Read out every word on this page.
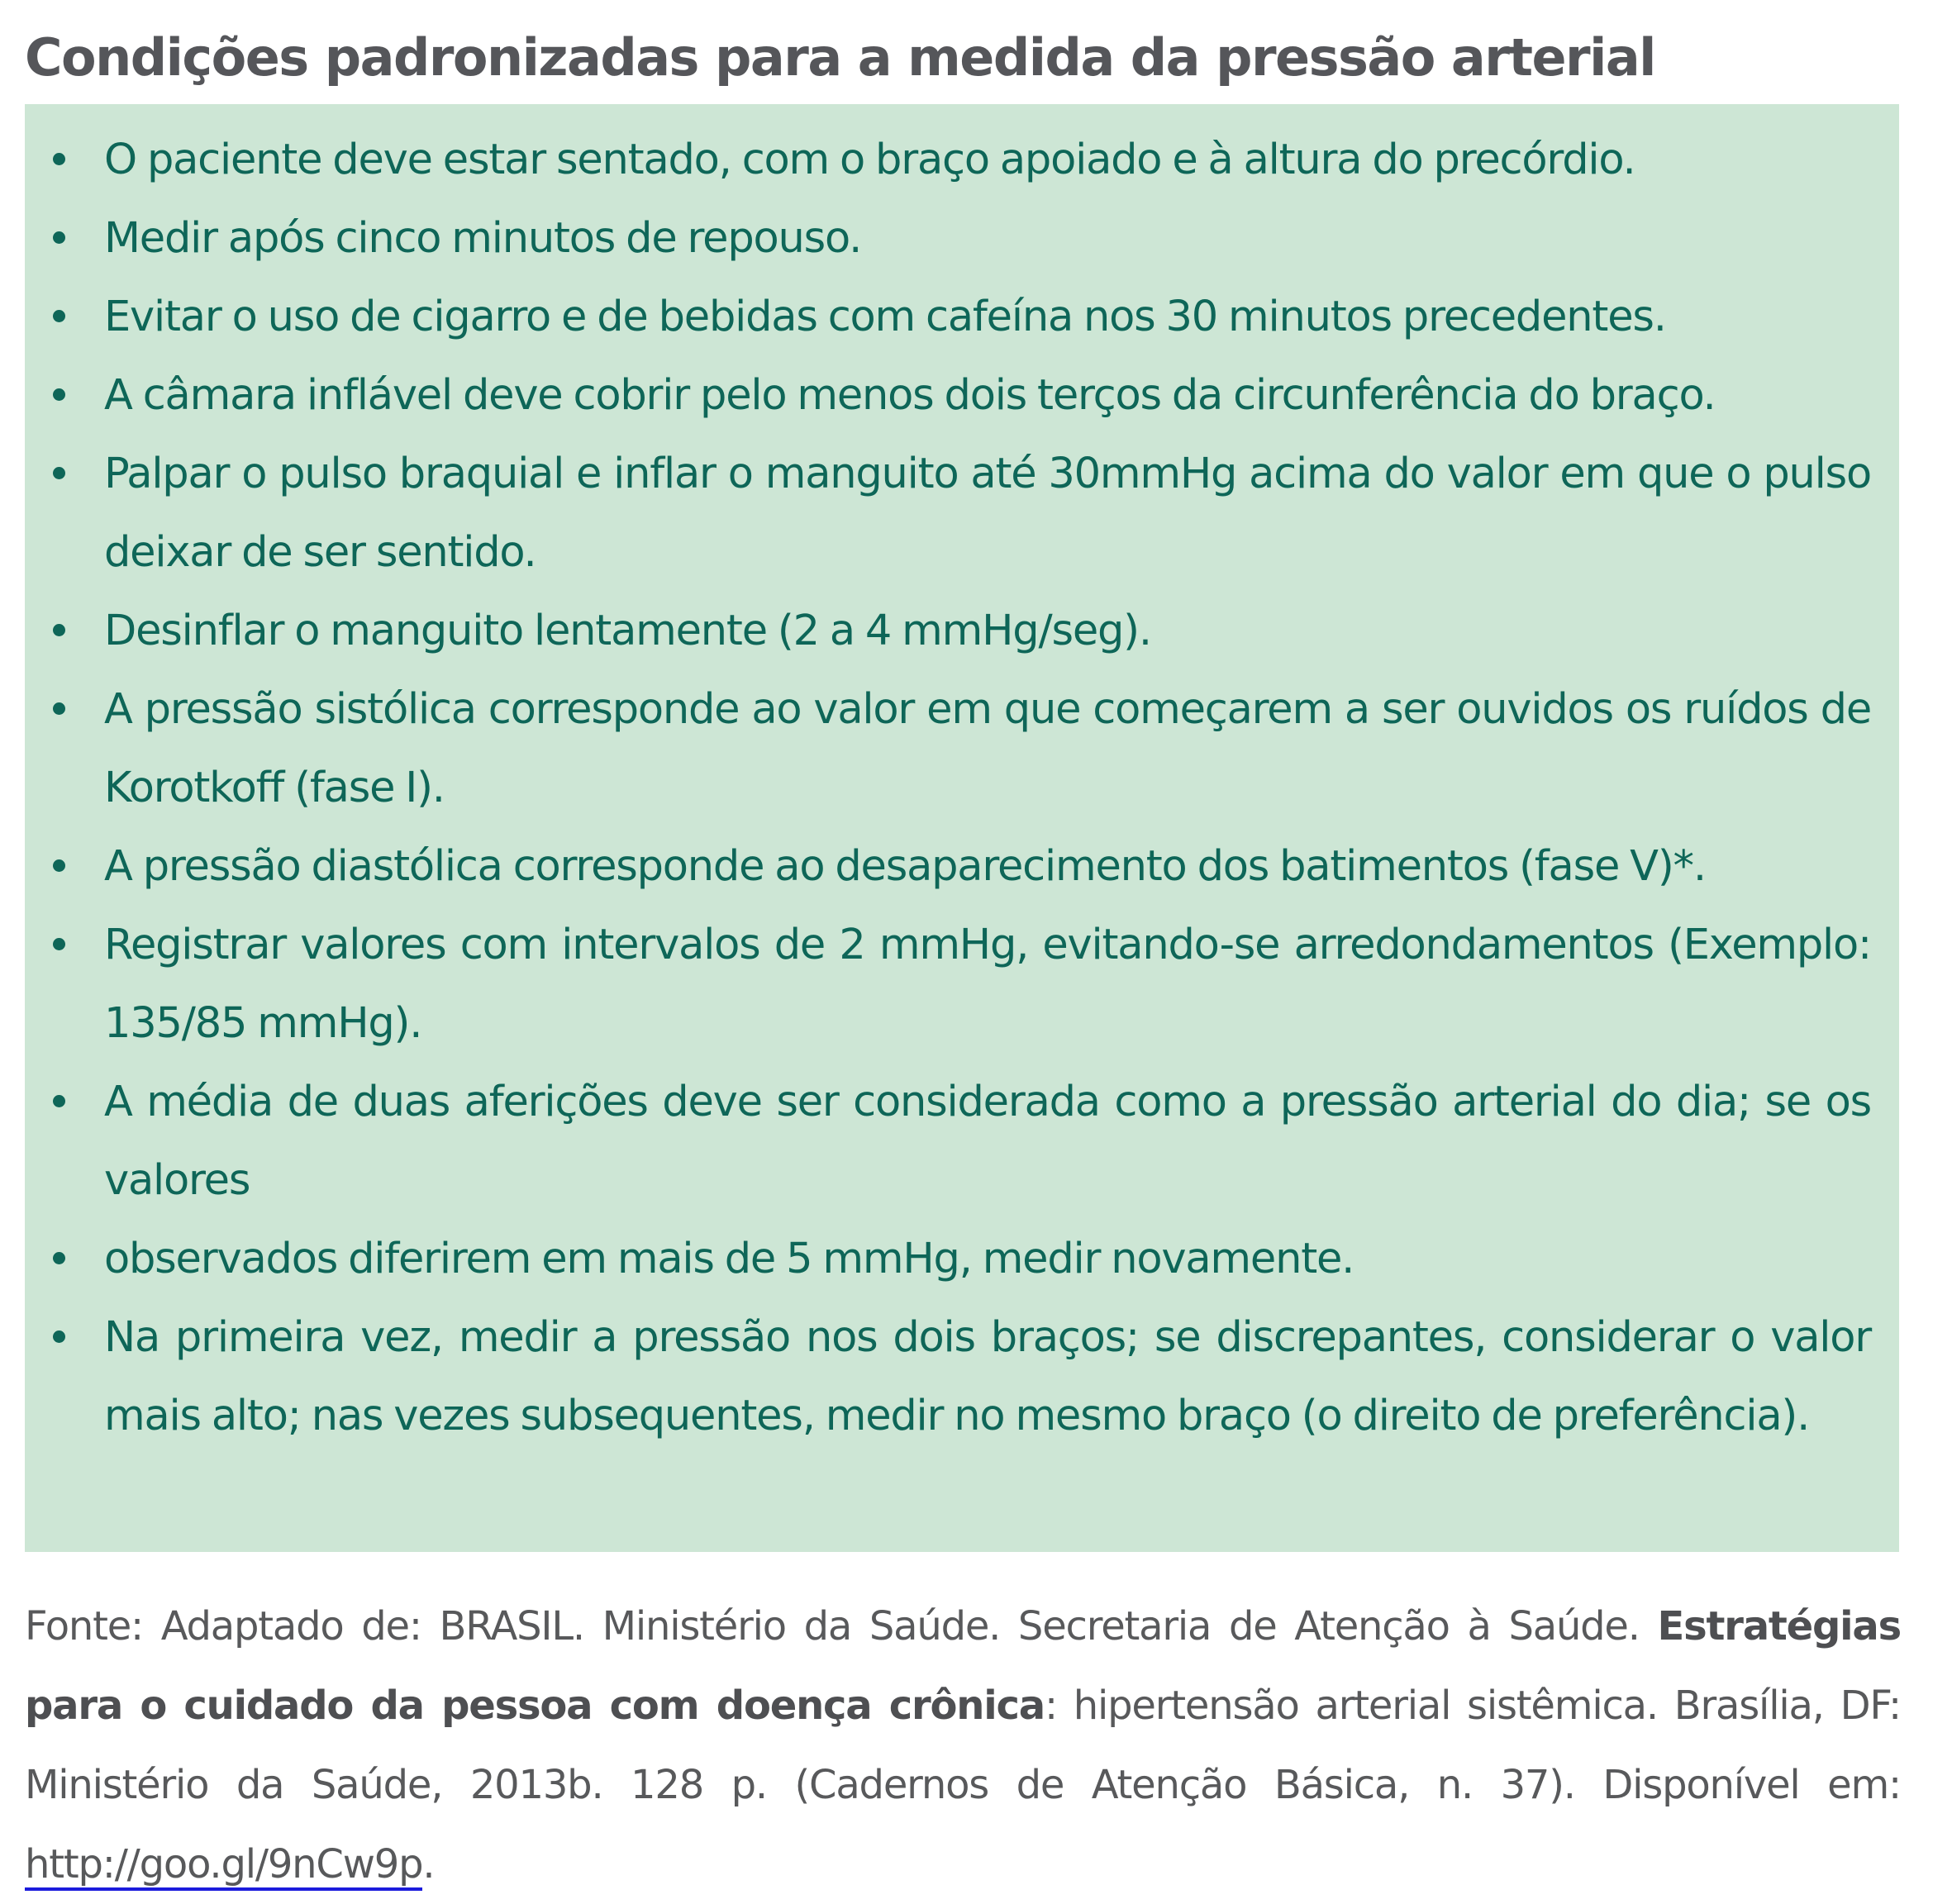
Condições padronizadas para a medida da pressão arterial
O paciente deve estar sentado, com o braço apoiado e à altura do precórdio.
Medir após cinco minutos de repouso.
Evitar o uso de cigarro e de bebidas com cafeína nos 30 minutos precedentes.
A câmara inflável deve cobrir pelo menos dois terços da circunferência do braço.
Palpar o pulso braquial e inflar o manguito até 30mmHg acima do valor em que o pulso deixar de ser sentido.
Desinflar o manguito lentamente (2 a 4 mmHg/seg).
A pressão sistólica corresponde ao valor em que começarem a ser ouvidos os ruídos de Korotkoff (fase I).
A pressão diastólica corresponde ao desaparecimento dos batimentos (fase V)*.
Registrar valores com intervalos de 2 mmHg, evitando-se arredondamentos (Exemplo: 135/85 mmHg).
A média de duas aferições deve ser considerada como a pressão arterial do dia; se os valores
observados diferirem em mais de 5 mmHg, medir novamente.
Na primeira vez, medir a pressão nos dois braços; se discrepantes, considerar o valor mais alto; nas vezes subsequentes, medir no mesmo braço (o direito de preferência).

Fonte: Adaptado de: BRASIL. Ministério da Saúde. Secretaria de Atenção à Saúde. Estratégias para o cuidado da pessoa com doença crônica: hipertensão arterial sistêmica. Brasília, DF: Ministério da Saúde, 2013b. 128 p. (Cadernos de Atenção Básica, n. 37). Disponível em: http://goo.gl/9nCw9p.
